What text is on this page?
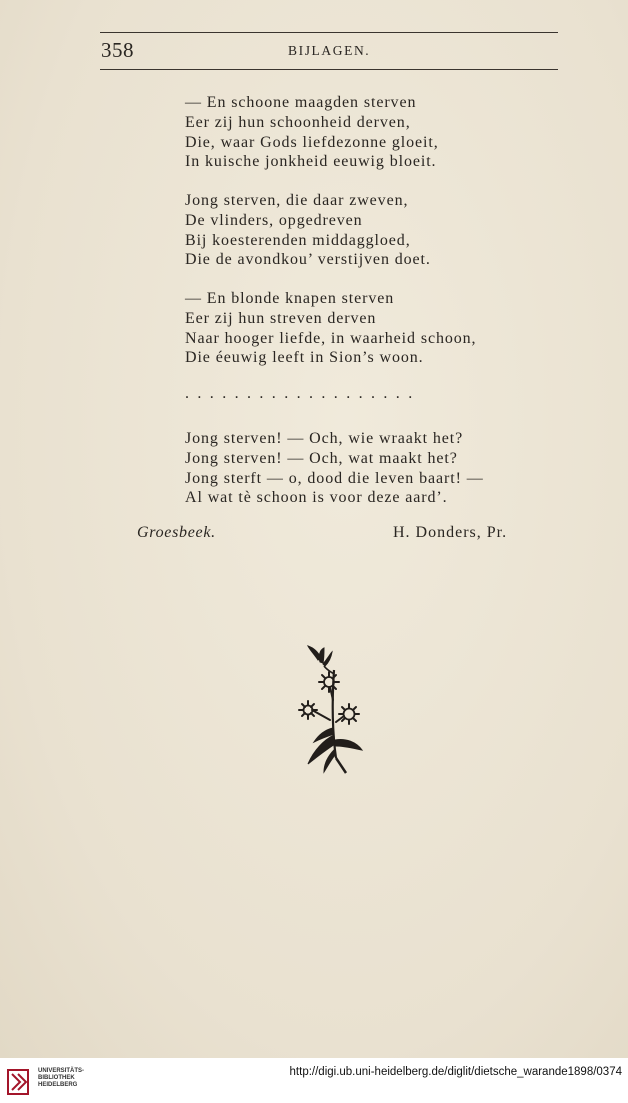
358	BIJLAGEN.
— En schoone maagden sterven
Eer zij hun schoonheid derven,
Die, waar Gods liefdezonne gloeit,
In kuische jonkheid eeuwig bloeit.
Jong sterven, die daar zweven,
De vlinders, opgedreven
Bij koesterenden middaggloed,
Die de avondkou’ verstijven doet.
— En blonde knapen sterven
Eer zij hun streven derven
Naar hooger liefde, in waarheid schoon,
Die éeuwig leeft in Sion’s woon.
...................
Jong sterven! — Och, wie wraakt het?
Jong sterven! — Och, wat maakt het?
Jong sterft — o, dood die leven baart! —
Al wat tè schoon is voor deze aard’.
Groesbeek.	H. Donders, Pr.
UNIVERSITÄTS-
BIBLIOTHEK
HEIDELBERG
http://digi.ub.uni-heidelberg.de/diglit/dietsche_warande1898/0374
